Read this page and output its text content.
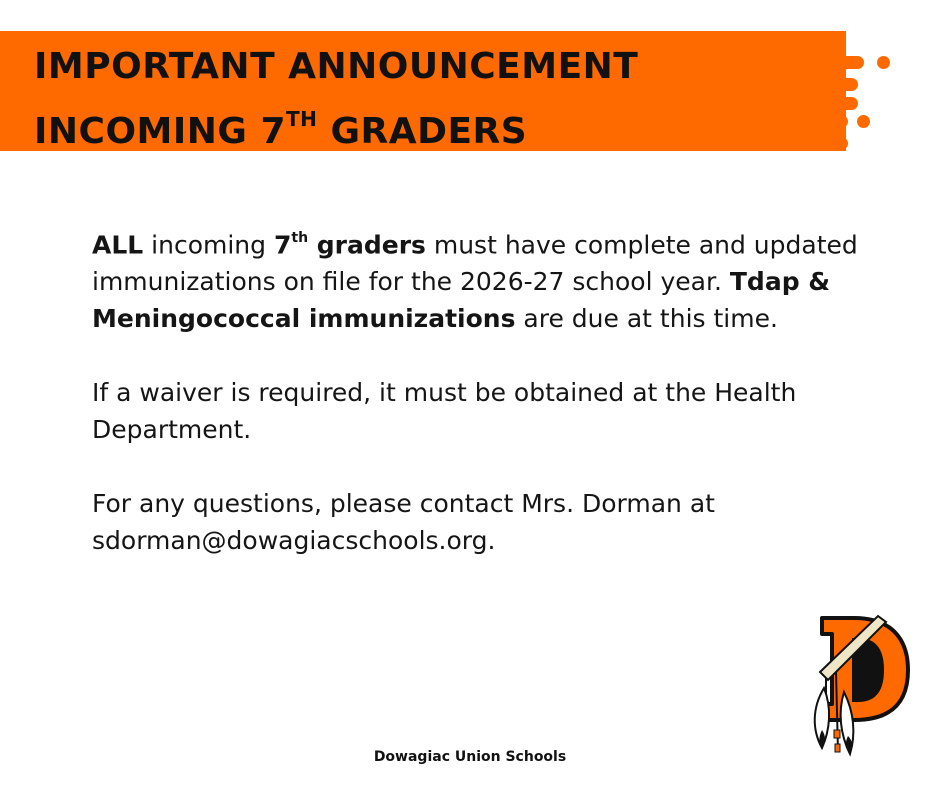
IMPORTANT ANNOUNCEMENT
INCOMING 7TH GRADERS

ALL incoming 7th graders must have complete and updated immunizations on file for the 2026-27 school year. Tdap & Meningococcal immunizations are due at this time.

If a waiver is required, it must be obtained at the Health Department.

For any questions, please contact Mrs. Dorman at sdorman@dowagiacschools.org.

Dowagiac Union Schools
